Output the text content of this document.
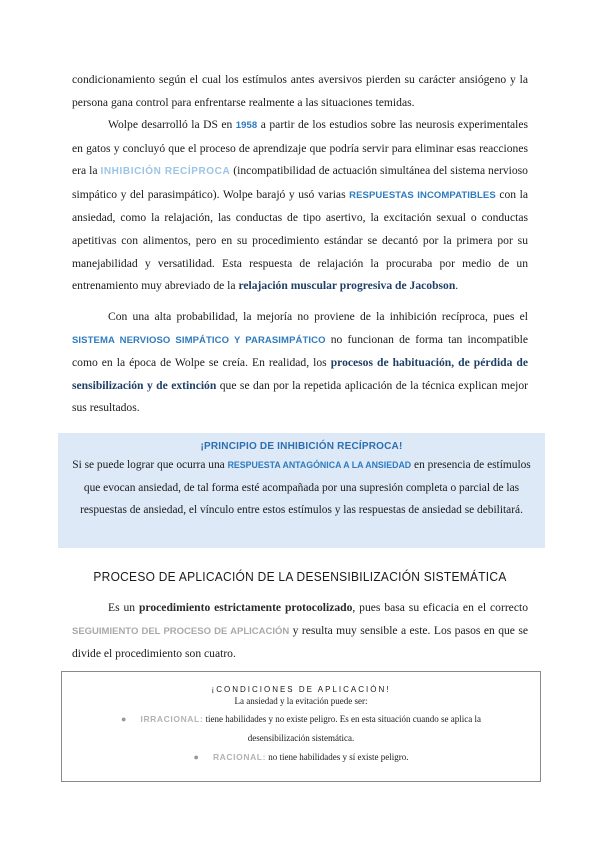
condicionamiento según el cual los estímulos antes aversivos pierden su carácter ansiógeno y la persona gana control para enfrentarse realmente a las situaciones temidas.

Wolpe desarrolló la DS en 1958 a partir de los estudios sobre las neurosis experimentales en gatos y concluyó que el proceso de aprendizaje que podría servir para eliminar esas reacciones era la INHIBICIÓN RECÍPROCA (incompatibilidad de actuación simultánea del sistema nervioso simpático y del parasimpático). Wolpe barajó y usó varias RESPUESTAS INCOMPATIBLES con la ansiedad, como la relajación, las conductas de tipo asertivo, la excitación sexual o conductas apetitivas con alimentos, pero en su procedimiento estándar se decantó por la primera por su manejabilidad y versatilidad. Esta respuesta de relajación la procuraba por medio de un entrenamiento muy abreviado de la relajación muscular progresiva de Jacobson.

Con una alta probabilidad, la mejoría no proviene de la inhibición recíproca, pues el SISTEMA NERVIOSO SIMPÁTICO Y PARASIMPÁTICO no funcionan de forma tan incompatible como en la época de Wolpe se creía. En realidad, los procesos de habituación, de pérdida de sensibilización y de extinción que se dan por la repetida aplicación de la técnica explican mejor sus resultados.

¡PRINCIPIO DE INHIBICIÓN RECÍPROCA!
Si se puede lograr que ocurra una RESPUESTA ANTAGÓNICA A LA ANSIEDAD en presencia de estímulos que evocan ansiedad, de tal forma esté acompañada por una supresión completa o parcial de las respuestas de ansiedad, el vínculo entre estos estímulos y las respuestas de ansiedad se debilitará.
PROCESO DE APLICACIÓN DE LA DESENSIBILIZACIÓN SISTEMÁTICA

Es un procedimiento estrictamente protocolizado, pues basa su eficacia en el correcto SEGUIMIENTO DEL PROCESO DE APLICACIÓN y resulta muy sensible a este. Los pasos en que se divide el procedimiento son cuatro.

¡CONDICIONES DE APLICACIÓN!
La ansiedad y la evitación puede ser:
● IRRACIONAL: tiene habilidades y no existe peligro. Es en esta situación cuando se aplica la
desensibilización sistemática.
● RACIONAL: no tiene habilidades y sí existe peligro.
